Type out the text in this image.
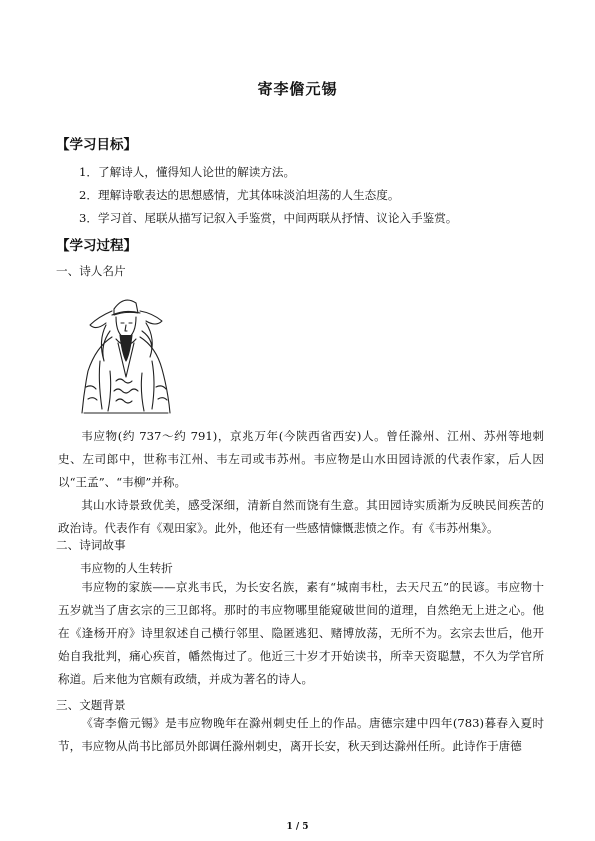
寄李儋元锡
【学习目标】
1．了解诗人，懂得知人论世的解读方法。
2．理解诗歌表达的思想感情，尤其体味淡泊坦荡的人生态度。
3．学习首、尾联从描写记叙入手鉴赏，中间两联从抒情、议论入手鉴赏。
【学习过程】
一、诗人名片

韦应物(约 737～约 791)，京兆万年(今陕西省西安)人。曾任滁州、江州、苏州等地刺史、左司郎中，世称韦江州、韦左司或韦苏州。韦应物是山水田园诗派的代表作家，后人因以“王孟”、“韦柳”并称。

其山水诗景致优美，感受深细，清新自然而饶有生意。其田园诗实质渐为反映民间疾苦的政治诗。代表作有《观田家》。此外，他还有一些感情慷慨悲愤之作。有《韦苏州集》。

二、诗词故事
韦应物的人生转折

韦应物的家族——京兆韦氏，为长安名族，素有“城南韦杜，去天尺五”的民谚。韦应物十五岁就当了唐玄宗的三卫郎将。那时的韦应物哪里能窥破世间的道理，自然绝无上进之心。他在《逢杨开府》诗里叙述自己横行邻里、隐匿逃犯、赌博放荡，无所不为。玄宗去世后，他开始自我批判，痛心疾首，幡然悔过了。他近三十岁才开始读书，所幸天资聪慧，不久为学官所称道。后来他为官颇有政绩，并成为著名的诗人。

三、文题背景

《寄李儋元锡》是韦应物晚年在滁州刺史任上的作品。唐德宗建中四年(783)暮春入夏时节，韦应物从尚书比部员外郎调任滁州刺史，离开长安，秋天到达滁州任所。此诗作于唐德

1 / 5
